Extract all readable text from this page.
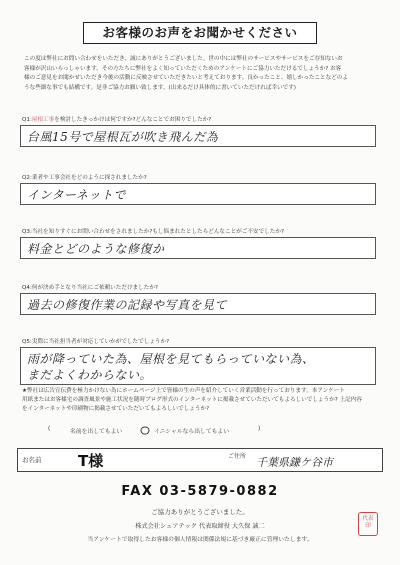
お客様のお声をお聞かせください
この度は弊社にお問い合わせをいただき、誠にありがとうございました。世の中には弊社のサービスやサービスをご存知ないお
客様が沢山いらっしゃいます。その方たちに弊社をよく知っていただくためのアンケートにご協力いただけるでしょうか? お客
様のご意見をお聞かせいただき今後の活動に反映させていただきたいと考えております。良かったこと、嬉しかったことなどのよ
うな些細な事でも結構です。是非ご協力お願い致します。(出来るだけ具体的に書いていただければ幸いです)
Q1:屋根工事を検討したきっかけは何ですか?どんなことでお困りでしたか?
台風15号で屋根瓦が吹き飛んだ為
Q2:業者や工事会社をどのように探されましたか?
インターネットで
Q3:当社を知りすぐにお問い合わせをされましたか?もし悩まれたとしたらどんなことがご不安でしたか?
料金とどのような修復か
Q4:何が決め手となり当社にご依頼いただけましたか?
過去の修復作業の記録や写真を見て
Q5:実際に当社担当者が対応していかがでしたでしょうか?
雨が降っていた為、屋根を見てもらっていない為、
まだよくわからない。
★弊社は広告宣伝費を極力かけない為にホームページ上で皆様の生の声を紹介していく営業活動を行っております。本アンケート
用紙またはお客様宅の調査風景や施工状況を随時ブログ形式のインターネットに掲載させていただいてもよろしいでしょうか? 上記内容
をインターネットや印刷物に掲載させていただいてもよろしいでしょうか?
(	名前を出してもよい	イニシャルなら出してもよい	)
お名前 T様	ご住所 千葉県鎌ケ谷市
FAX 03-5879-0882
ご協力ありがとうございました。
株式会社シェアテック 代表取締役 大久保 誠二
当アンケートで取得したお客様の個人情報は関係法規に基づき厳正に管理いたします。
代表
印
